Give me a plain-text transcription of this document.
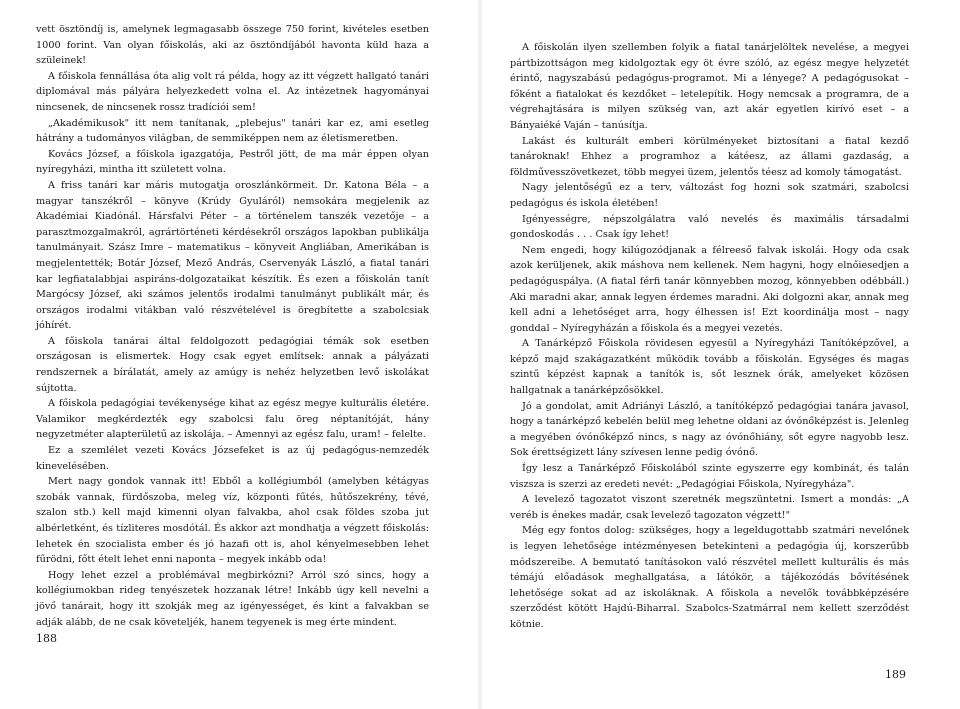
vett ösztöndíj is, amelynek legmagasabb összege 750 forint, kivételes esetben 1000 forint. Van olyan főiskolás, aki az ösztöndíjából havonta küld haza a szüleinek!

A főiskola fennállása óta alig volt rá példa, hogy az itt végzett hallgató tanári diplomával más pályára helyezkedett volna el. Az intézetnek hagyományai nincsenek, de nincsenek rossz tradíciói sem!

„Akadémikusok" itt nem tanítanak, „plebejus" tanári kar ez, ami esetleg hátrány a tudományos világban, de semmiképpen nem az életismeretben.

Kovács József, a főiskola igazgatója, Pestről jött, de ma már éppen olyan nyíregyházi, mintha itt született volna.

A friss tanári kar máris mutogatja oroszlánkörmeit. Dr. Katona Béla – a magyar tanszékről – könyve (Krúdy Gyuláról) nemsokára megjelenik az Akadémiai Kiadónál. Hársfalvi Péter – a történelem tanszék vezetője – a parasztmozgalmakról, agrártörténeti kérdésekről országos lapokban publikálja tanulmányait. Szász Imre – matematikus – könyveit Angliában, Amerikában is megjelentették; Botár József, Mező András, Cservenyák László, a fiatal tanári kar legfiatalabbjai aspiráns-dolgozataikat készítik. És ezen a főiskolán tanít Margócsy József, aki számos jelentős irodalmi tanulmányt publikált már, és országos irodalmi vitákban való részvételével is öregbítette a szabolcsiak jóhírét.

A főiskola tanárai által feldolgozott pedagógiai témák sok esetben országosan is elismertek. Hogy csak egyet említsek: annak a pályázati rendszernek a bírálatát, amely az amúgy is nehéz helyzetben levő iskolákat sújtotta.

A főiskola pedagógiai tevékenysége kihat az egész megye kulturális életére. Valamikor megkérdezték egy szabolcsi falu öreg néptanítóját, hány negyzetméter alapterületű az iskolája. – Amennyi az egész falu, uram! – felelte.

Ez a szemlélet vezeti Kovács Józsefeket is az új pedagógus-nemzedék kinevelésében.

Mert nagy gondok vannak itt! Ebből a kollégiumból (amelyben kétágyas szobák vannak, fürdőszoba, meleg víz, központi fűtés, hűtőszekrény, tévé, szalon stb.) kell majd kimenni olyan falvakba, ahol csak földes szoba jut albérletként, és tízliteres mosdótál. És akkor azt mondhatja a végzett főiskolás: lehetek én szocialista ember és jó hazafi ott is, ahol kényelmesebben lehet fűrödni, főtt ételt lehet enni naponta – megyek inkább oda!

Hogy lehet ezzel a problémával megbirkózni? Arról szó sincs, hogy a kollégiumokban rideg tenyészetek hozzanak létre! Inkább úgy kell nevelni a jövő tanárait, hogy itt szokják meg az igényességet, és kint a falvakban se adják alább, de ne csak követeljék, hanem tegyenek is meg érte mindent.

188

A főiskolán ilyen szellemben folyik a fiatal tanárjelöltek nevelése, a megyei pártbizottságon meg kidolgoztak egy öt évre szóló, az egész megye helyzetét érintő, nagyszabású pedagógus-programot. Mi a lényege? A pedagógusokat – főként a fiatalokat és kezdőket – letelepítik. Hogy nemcsak a programra, de a végrehajtására is milyen szükség van, azt akár egyetlen kirívó eset – a Bányaiéké Vaján – tanúsítja.

Lakást és kulturált emberi körülményeket biztosítani a fiatal kezdő tanároknak! Ehhez a programhoz a kátéesz, az állami gazdaság, a földművesszövetkezet, több megyei üzem, jelentős téesz ad komoly támogatást.

Nagy jelentőségű ez a terv, változást fog hozni sok szatmári, szabolcsi pedagógus és iskola életében!

Igényességre, népszolgálatra való nevelés és maximális társadalmi gondoskodás . . . Csak így lehet!

Nem engedi, hogy kilúgozódjanak a félreeső falvak iskolái. Hogy oda csak azok kerüljenek, akik máshova nem kellenek. Nem hagyni, hogy elnőiesedjen a pedagóguspálya. (A fiatal férfi tanár könnyebben mozog, könnyebben odébbáll.) Aki maradni akar, annak legyen érdemes maradni. Aki dolgozni akar, annak meg kell adni a lehetőséget arra, hogy élhessen is! Ezt koordinálja most – nagy gonddal – Nyíregyházán a főiskola és a megyei vezetés.

A Tanárképző Főiskola rövidesen egyesül a Nyíregyházi Tanítóképzővel, a képző majd szakágazatként működik tovább a főiskolán. Egységes és magas szintű képzést kapnak a tanítók is, sőt lesznek órák, amelyeket közösen hallgatnak a tanárképzősökkel.

Jó a gondolat, amit Adriányi László, a tanítóképző pedagógiai tanára javasol, hogy a tanárképző kebelén belül meg lehetne oldani az óvónőképzést is. Jelenleg a megyében óvónőképző nincs, s nagy az óvónőhiány, sőt egyre nagyobb lesz. Sok érettségizett lány szívesen lenne pedig óvónő.

Így lesz a Tanárképző Főiskolából szinte egyszerre egy kombinát, és talán viszsza is szerzi az eredeti nevét: „Pedagógiai Főiskola, Nyíregyháza".

A levelező tagozatot viszont szeretnék megszüntetni. Ismert a mondás: „A veréb is énekes madár, csak levelező tagozaton végzett!"

Még egy fontos dolog: szükséges, hogy a legeldugottabb szatmári nevelőnek is legyen lehetősége intézményesen betekinteni a pedagógia új, korszerűbb módszereibe. A bemutató tanításokon való részvétel mellett kulturális és más témájú előadások meghallgatása, a látókör, a tájékozódás bővítésének lehetősége sokat ad az iskoláknak. A főiskola a nevelők továbbképzésére szerződést kötött Hajdú-Biharral. Szabolcs-Szatmárral nem kellett szerződést kötnie.

189
